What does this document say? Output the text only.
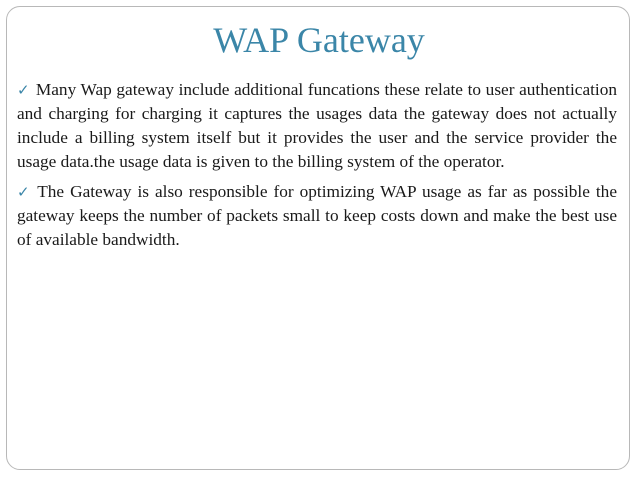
WAP Gateway

✓ Many Wap gateway include additional funcations these relate to user authentication and charging for charging it captures the usages data the gateway does not actually include a billing system itself but it provides the user and the service provider the usage data.the usage data is given to the billing system of the operator.

✓ The Gateway is also responsible for optimizing WAP usage as far as possible the gateway keeps the number of packets small to keep costs down and make the best use of available bandwidth.
